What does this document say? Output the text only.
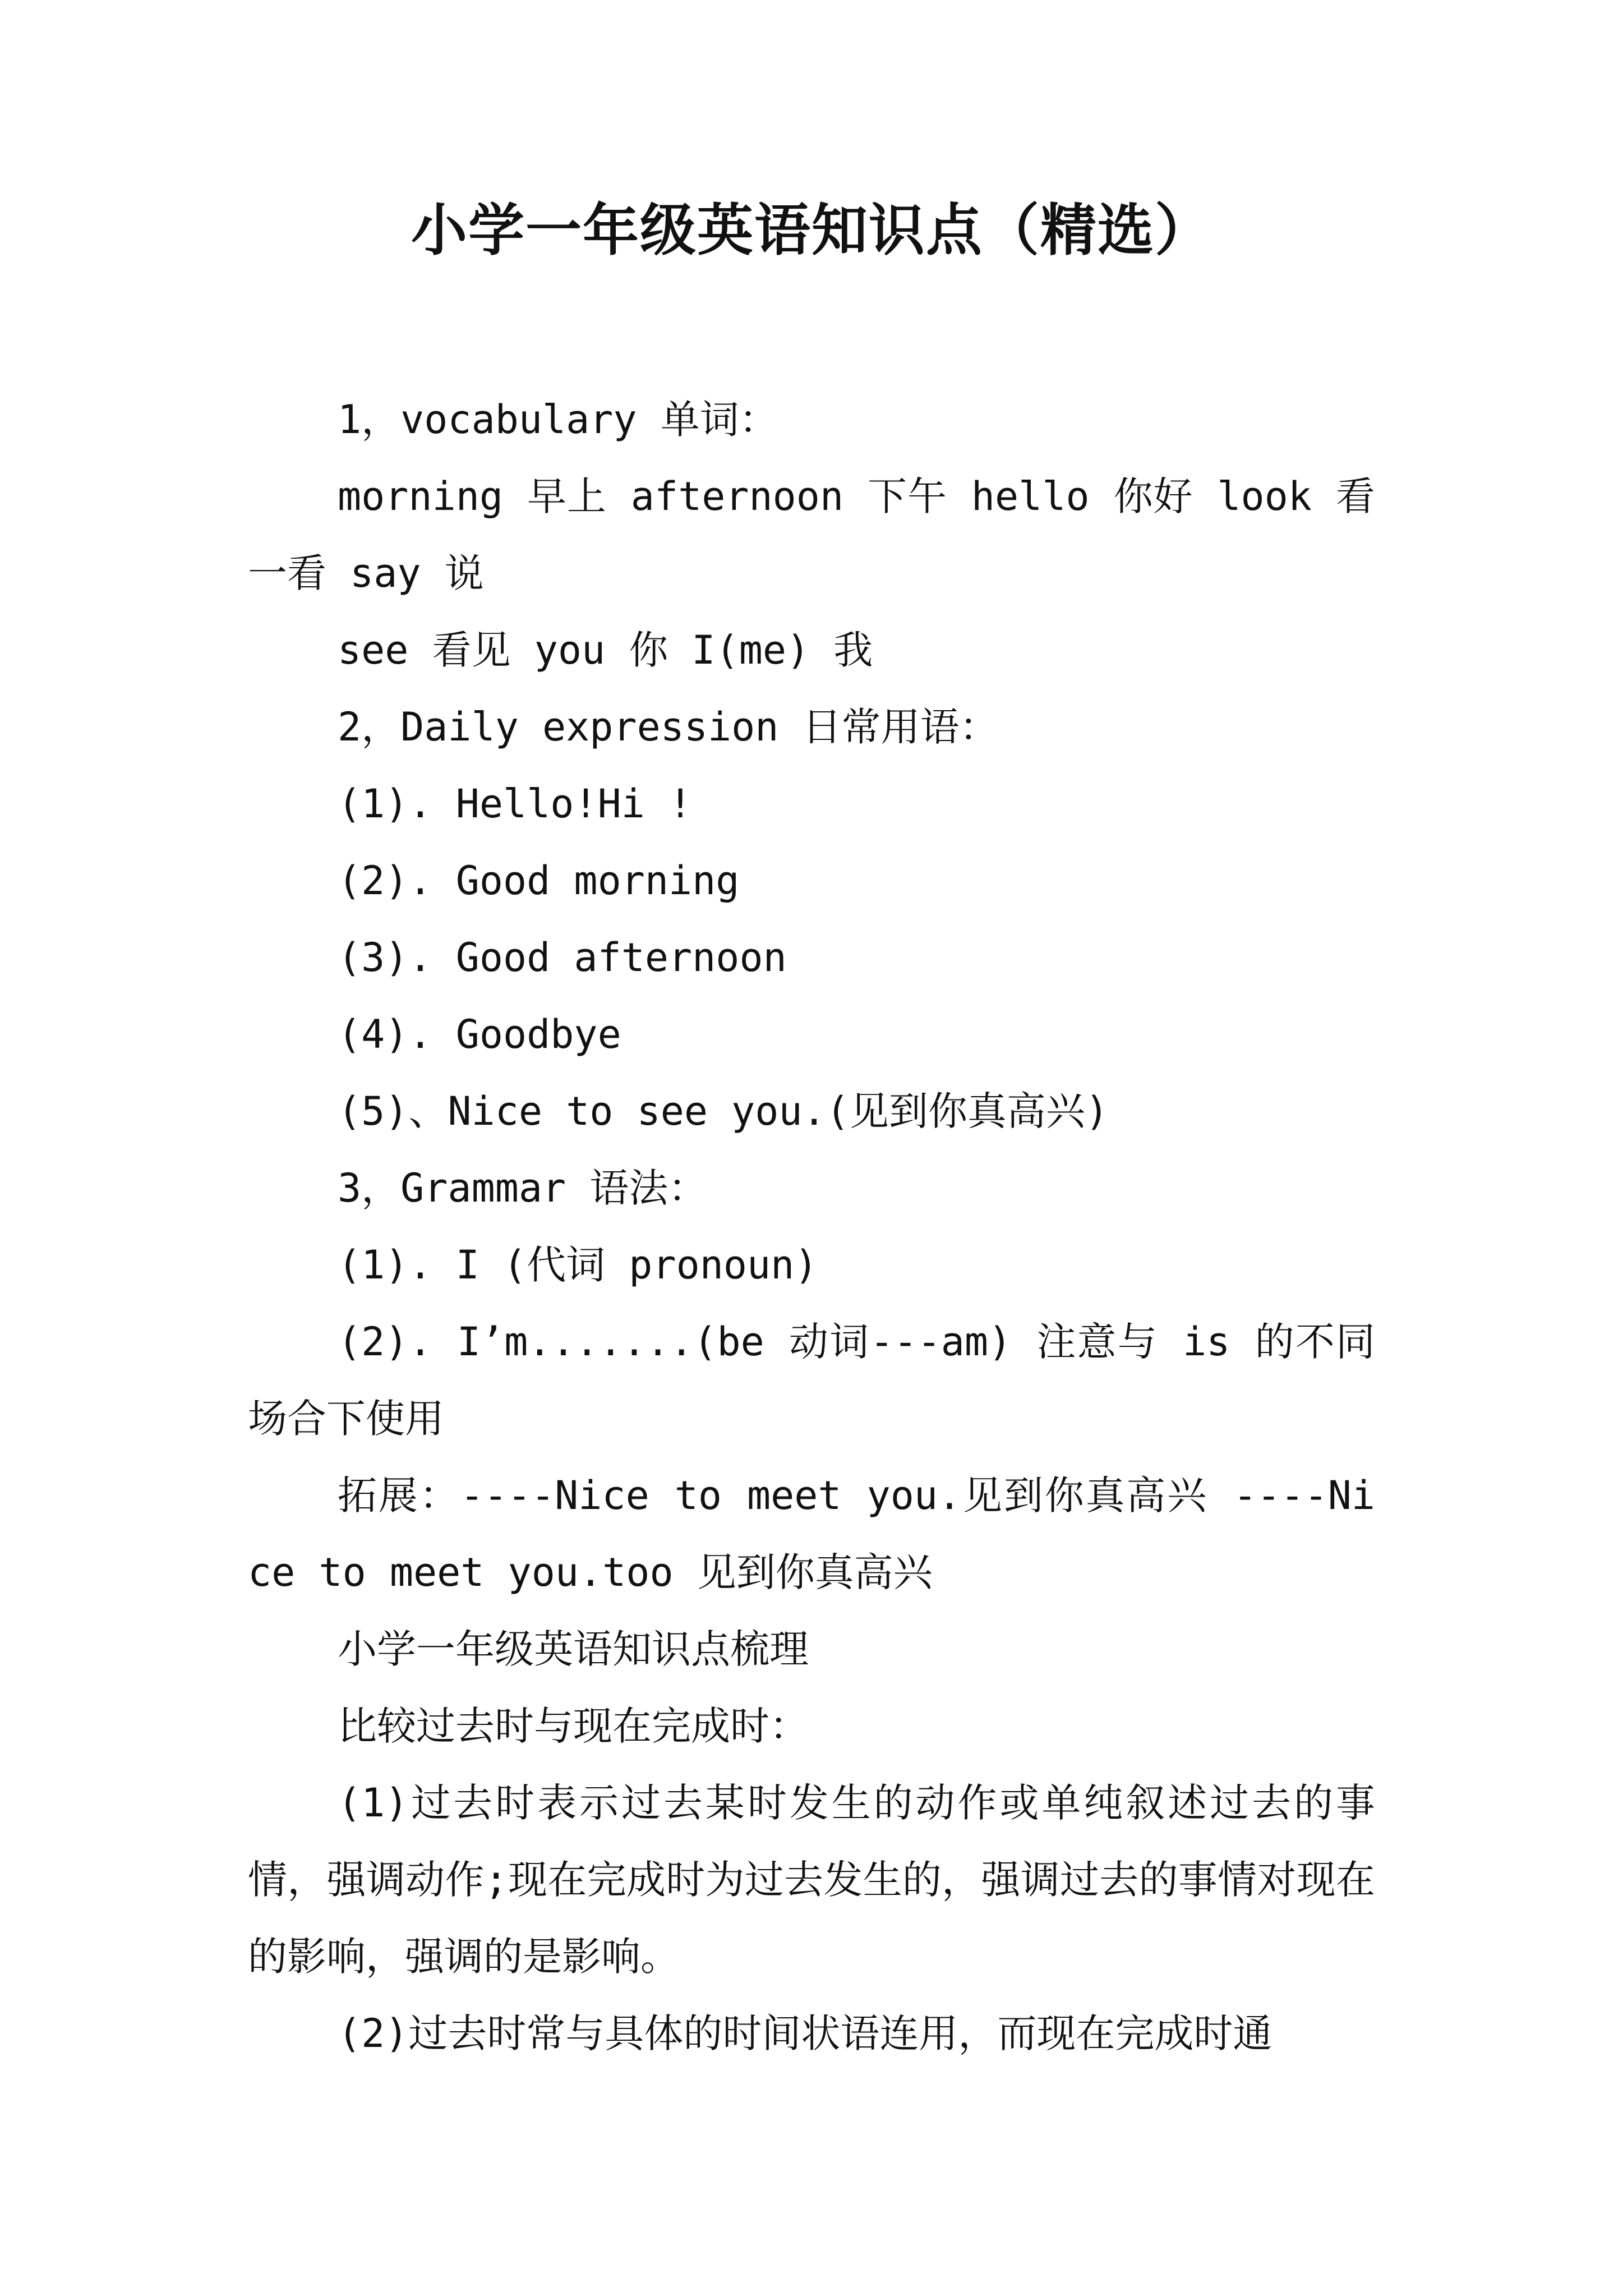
小学一年级英语知识点（精选）

1，vocabulary 单词：

morning 早上 afternoon 下午 hello 你好 look 看一看 say 说

see 看见 you 你 I(me) 我

2，Daily expression 日常用语：

(1). Hello!Hi !

(2). Good morning

(3). Good afternoon

(4). Goodbye

(5)、Nice to see you.(见到你真高兴)

3，Grammar 语法：

(1). I (代词 pronoun)

(2). I’m.......(be 动词---am) 注意与 is 的不同场合下使用

拓展：----Nice to meet you.见到你真高兴 ----Nice to meet you.too 见到你真高兴

小学一年级英语知识点梳理

比较过去时与现在完成时：

(1)过去时表示过去某时发生的动作或单纯叙述过去的事情，强调动作;现在完成时为过去发生的，强调过去的事情对现在的影响，强调的是影响。

(2)过去时常与具体的时间状语连用，而现在完成时通
